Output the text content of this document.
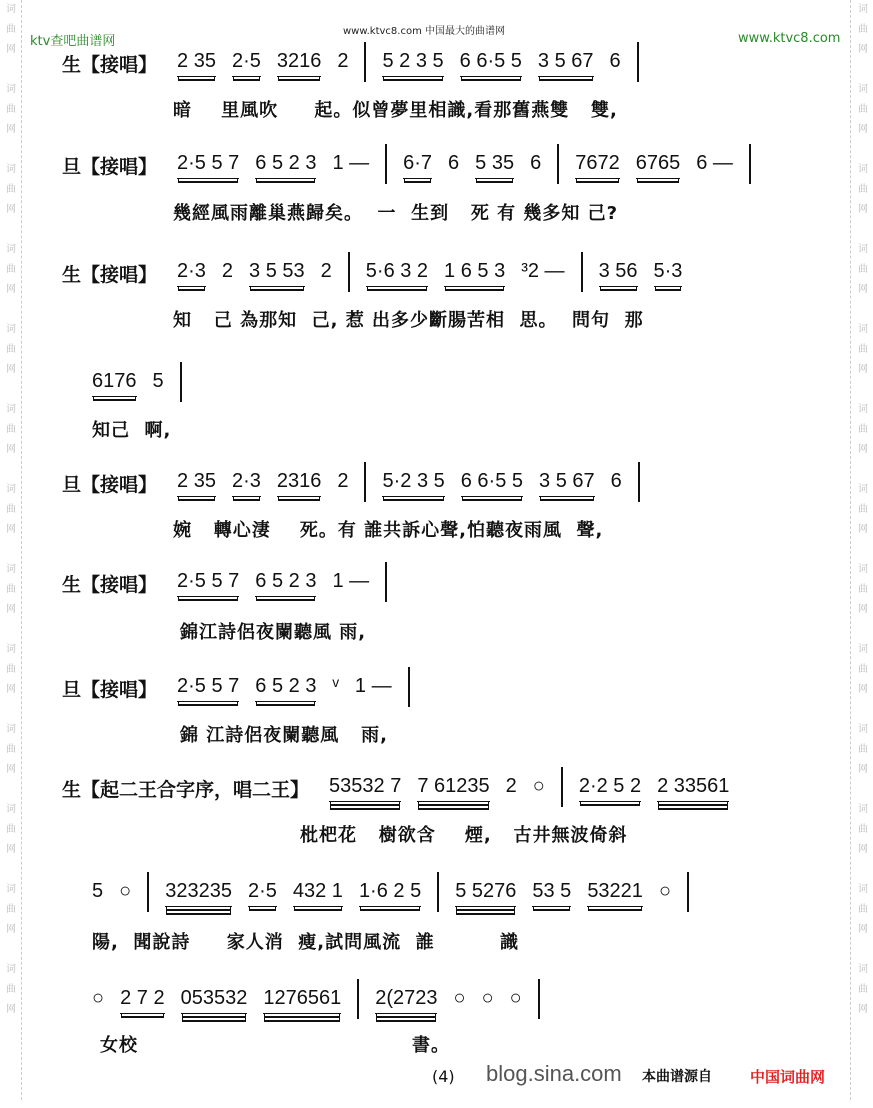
词
曲
网

词
曲
网

词
曲
网

词
曲
网

词
曲
网

词
曲
网

词
曲
网

词
曲
网

词
曲
网

词
曲
网

词
曲
网

词
曲
网

词
曲
网
词
曲
网

词
曲
网

词
曲
网

词
曲
网

词
曲
网

词
曲
网

词
曲
网

词
曲
网

词
曲
网

词
曲
网

词
曲
网

词
曲
网

词
曲
网
ktv查吧曲谱网
www.ktvc8.com 中国最大的曲谱网	www.ktvc8.com
生【接唱】 2 35 2·5 3216 2 5 2 3 5 6 6·5 5 3 5 67 6
暗    里風吹     起。似曾夢里相識,看那舊燕雙   雙,
旦【接唱】 2·5 5 7 6 5 2 3 1 — 6·7 6 5 35 6 7672 6765 6 —
幾經風雨離巢燕歸矣。  一  生到   死 有 幾多知 己?
生【接唱】 2·3 2 3 5 53 2 5·6 3 2 1 6 5 3 ³2 — 3 56 5·3
知   己 為那知  己, 惹 出多少斷腸苦相  思。  問句  那
6176 5
知己  啊,
旦【接唱】 2 35 2·3 2316 2 5·2 3 5 6 6·5 5 3 5 67 6
婉   轉心淒    死。有 誰共訴心聲,怕聽夜雨風  聲,
生【接唱】 2·5 5 7 6 5 2 3 1 —
錦江詩侶夜闌聽風 雨,
旦【接唱】 2·5 5 7 6 5 2 3 ᵛ 1 —
錦 江詩侶夜闌聽風   雨,
生【起二王合字序，唱二王】 53532 7 7 61235 2 ○ 2·2 5 2 2 33561
枇杷花   樹欲含    煙,   古井無波倚斜
5 ○ 323235 2·5 432 1 1·6 2 5 5 5276 53 5 53221 ○
陽,  聞說詩     家人消  瘦,試問風流  誰         識
○ 2 7 2 053532 1276561 2(2723 ○ ○ ○
女校	書。
(4) blog.sina.com 本曲谱源自	中国词曲网
